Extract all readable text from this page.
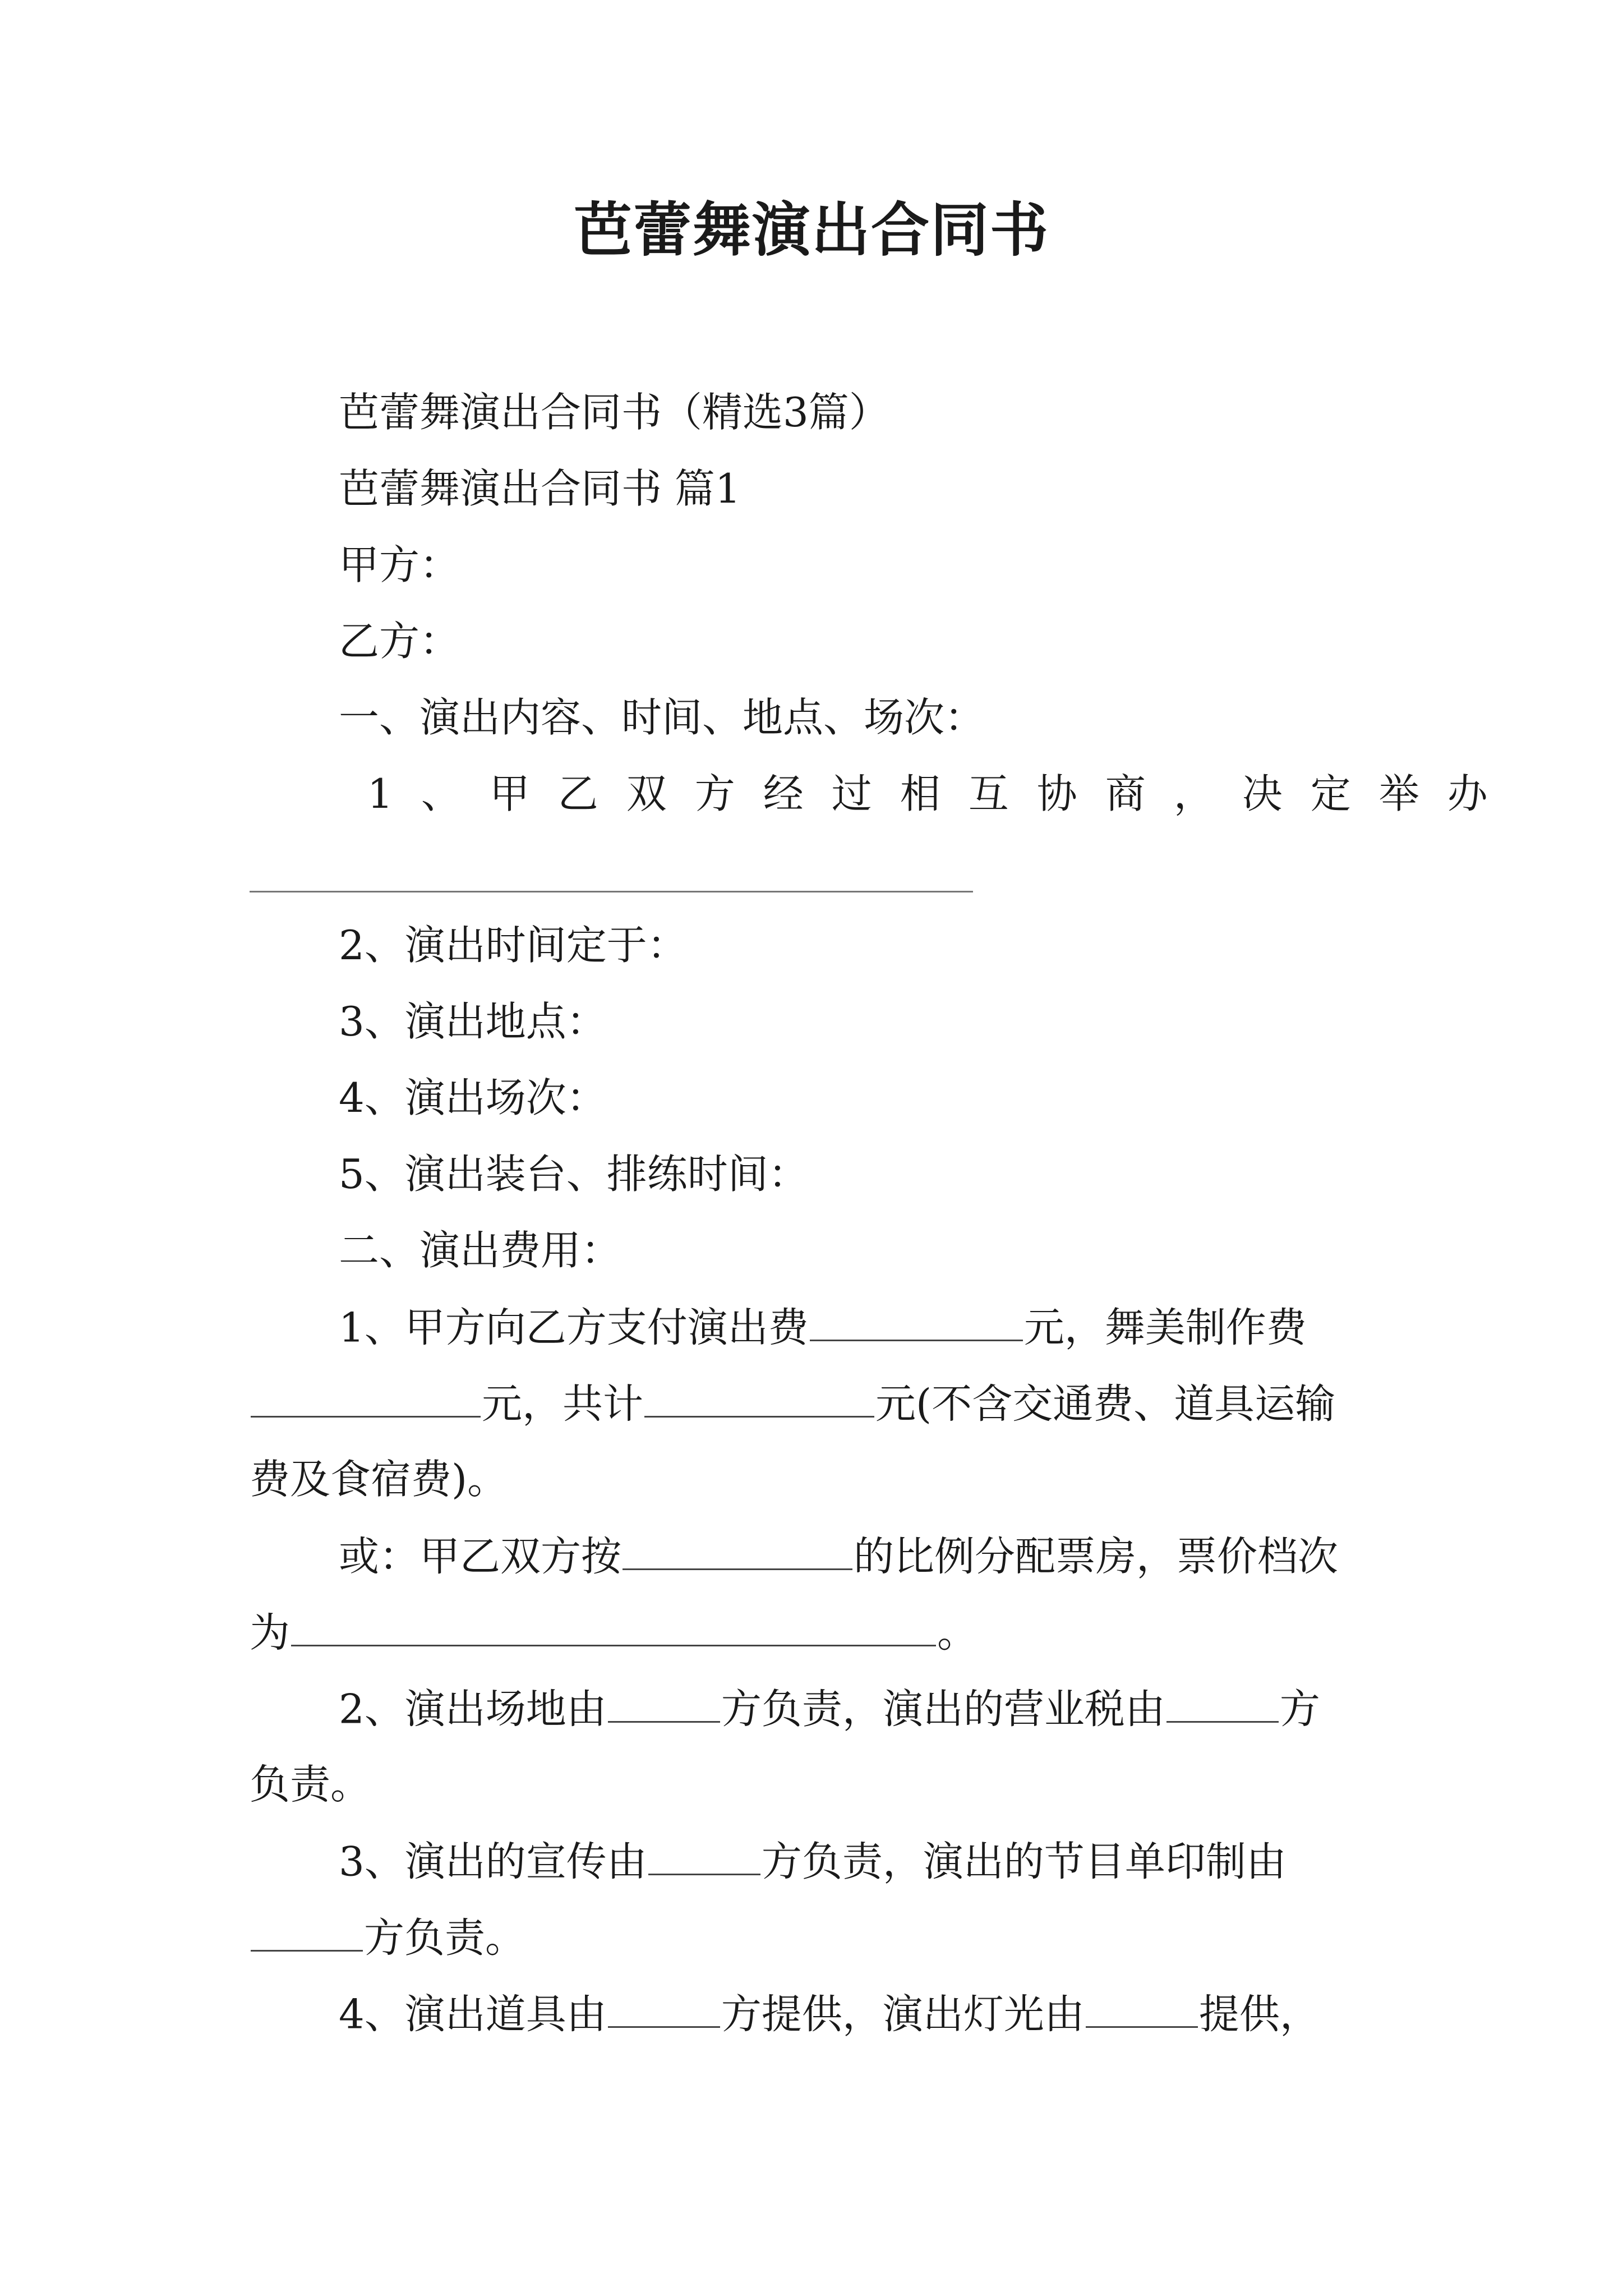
芭蕾舞演出合同书
芭蕾舞演出合同书（精选3篇）
芭蕾舞演出合同书 篇1
甲方：
乙方：
一、演出内容、时间、地点、场次：
1、甲乙双方经过相互协商，决定举办
2、演出时间定于：
3、演出地点：
4、演出场次：
5、演出装台、排练时间：
二、演出费用：
1、甲方向乙方支付演出费	元，舞美制作费
元，共计	元(不含交通费、道具运输
费及食宿费)。
或：甲乙双方按	的比例分配票房，票价档次
为	。
2、演出场地由	方负责，演出的营业税由	方
负责。
3、演出的宣传由	方负责，演出的节目单印制由
方负责。
4、演出道具由	方提供，演出灯光由	提供，
